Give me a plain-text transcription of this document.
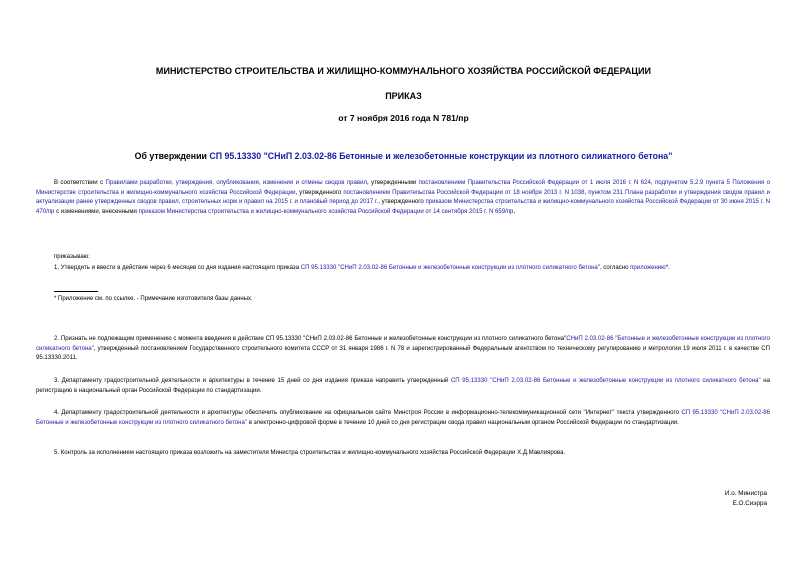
МИНИСТЕРСТВО СТРОИТЕЛЬСТВА И ЖИЛИЩНО-КОММУНАЛЬНОГО ХОЗЯЙСТВА РОССИЙСКОЙ ФЕДЕРАЦИИ
ПРИКАЗ
от 7 ноября 2016 года N 781/пр
Об утверждении СП 95.13330 "СНиП 2.03.02-86 Бетонные и железобетонные конструкции из плотного силикатного бетона"
В соответствии с Правилами разработки, утверждения, опубликования, изменения и отмены сводов правил, утвержденными постановлением Правительства Российской Федерации от 1 июля 2016 г. N 624, подпунктом 5.2.9 пункта 5 Положения о Министерстве строительства и жилищно-коммунального хозяйства Российской Федерации, утвержденного постановлением Правительства Российской Федерации от 18 ноября 2013 г. N 1038, пунктом 231 Плана разработки и утверждения сводов правил и актуализации ранее утвержденных сводов правил, строительных норм и правил на 2015 г. и плановый период до 2017 г., утвержденного приказом Министерства строительства и жилищно-коммунального хозяйства Российской Федерации от 30 июня 2015 г. N 470/пр с изменениями, внесенными приказом Министерства строительства и жилищно-коммунального хозяйства Российской Федерации от 14 сентября 2015 г. N 659/пр,
приказываю:
1. Утвердить и ввести в действие через 6 месяцев со дня издания настоящего приказа СП 95.13330 "СНиП 2.03.02-86 Бетонные и железобетонные конструкции из плотного силикатного бетона", согласно приложению*.
* Приложение см. по ссылке. - Примечание изготовителя базы данных.
2. Признать не подлежащим применению с момента введения в действие СП 95.13330 "СНиП 2.03.02-86 Бетонные и железобетонные конструкции из плотного силикатного бетона"СНиП 2.03.02-86 "Бетонные и железобетонные конструкции из плотного силикатного бетона", утвержденный постановлением Государственного строительного комитета СССР от 31 января 1986 г. N 78 и зарегистрированный Федеральным агентством по техническому регулированию и метрологии 19 июля 2011 г. в качестве СП 95.13330.2011.
3. Департаменту градостроительной деятельности и архитектуры в течение 15 дней со дня издания приказа направить утвержденный СП 95.13330 "СНиП 2.03.02-86 Бетонные и железобетонные конструкции из плотного силикатного бетона" на регистрацию в национальный орган Российской Федерации по стандартизации.
4. Департаменту градостроительной деятельности и архитектуры обеспечить опубликование на официальном сайте Минстроя России в информационно-телекоммуникационной сети "Интернет" текста утвержденного СП 95.13330 "СНиП 2.03.02-86 Бетонные и железобетонные конструкции из плотного силикатного бетона" в электронно-цифровой форме в течение 10 дней со дня регистрации свода правил национальным органом Российской Федерации по стандартизации.
5. Контроль за исполнением настоящего приказа возложить на заместителя Министра строительства и жилищно-коммунального хозяйства Российской Федерации Х.Д.Мавлиярова.
И.о. Министра
Е.О.Сиэрра
